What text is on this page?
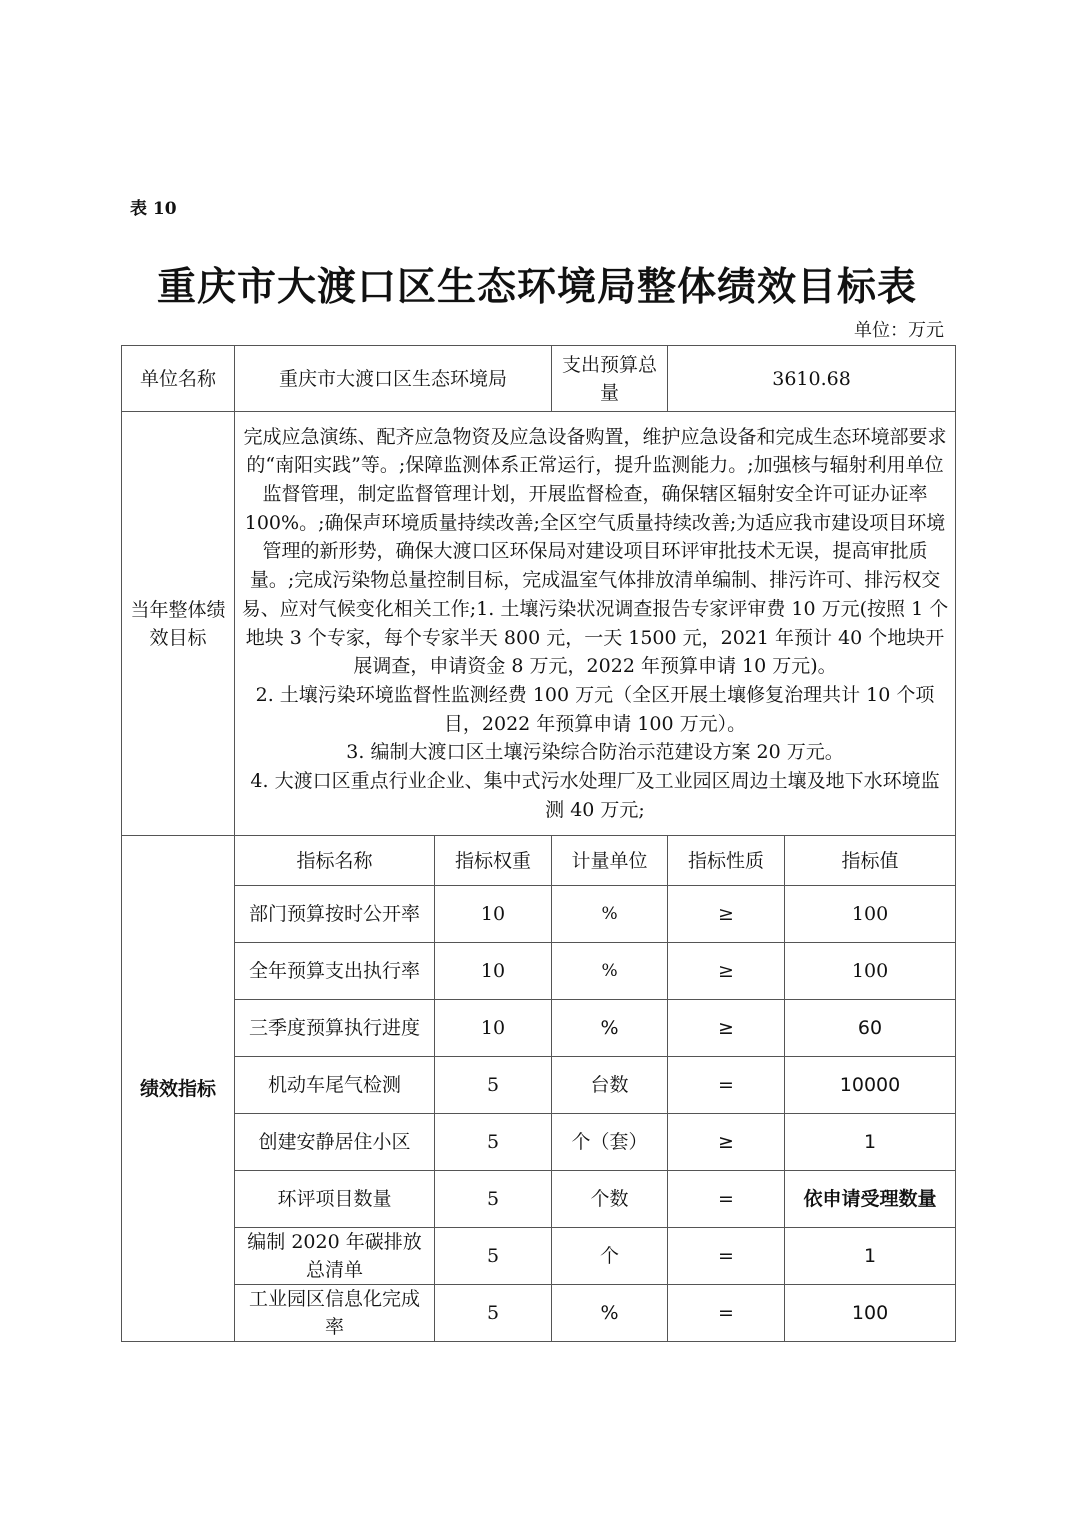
表 10
重庆市大渡口区生态环境局整体绩效目标表
单位：万元
单位名称	重庆市大渡口区生态环境局		支出预算总量	3610.68	
当年整体绩效目标	完成应急演练、配齐应急物资及应急设备购置，维护应急设备和完成生态环境部要求的“南阳实践”等。;保障监测体系正常运行，提升监测能力。;加强核与辐射利用单位监督管理，制定监督管理计划，开展监督检查，确保辖区辐射安全许可证办证率 100%。;确保声环境质量持续改善;全区空气质量持续改善;为适应我市建设项目环境管理的新形势，确保大渡口区环保局对建设项目环评审批技术无误，提高审批质量。;完成污染物总量控制目标，完成温室气体排放清单编制、排污许可、排污权交易、应对气候变化相关工作;1. 土壤污染状况调查报告专家评审费 10 万元(按照 1 个地块 3 个专家，每个专家半天 800 元，一天 1500 元，2021 年预计 40 个地块开展调查，申请资金 8 万元，2022 年预算申请 10 万元)。
2. 土壤污染环境监督性监测经费 100 万元（全区开展土壤修复治理共计 10 个项目，2022 年预算申请 100 万元）。
3. 编制大渡口区土壤污染综合防治示范建设方案 20 万元。
4. 大渡口区重点行业企业、集中式污水处理厂及工业园区周边土壤及地下水环境监测 40 万元;				

绩效指标	指标名称	指标权重	计量单位	指标性质	指标值
	部门预算按时公开率	10	%	≥	100
	全年预算支出执行率	10	%	≥	100
	三季度预算执行进度	10	%	≥	60
	机动车尾气检测	5	台数	=	10000
	创建安静居住小区	5	个（套）	≥	1
	环评项目数量	5	个数	=	依申请受理数量
	编制 2020 年碳排放总清单	5	个	=	1
	工业园区信息化完成率	5	%	=	100
